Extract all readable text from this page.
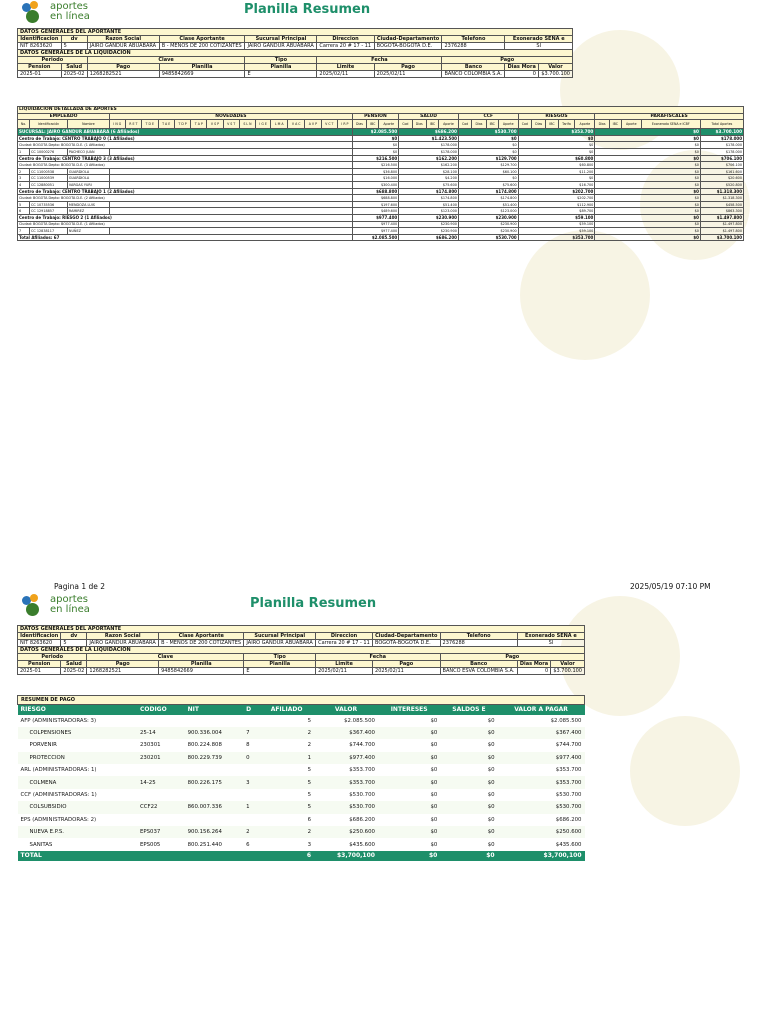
aportes
en línea	Planilla Resumen
DATOS GENERALES DEL APORTANTE									
Identificacion	dv	Razon Social	Clase Aportante	Sucursal Principal	Direccion	Ciudad-Departamento	Telefono	Exonerado SENA e	
NIT 8263620	5	JAIRO GANDUR ABUABARA	B - MENOS DE 200 COTIZANTES	JAIRO GANDUR ABUABARA	Carrera 20 # 17 - 11	BOGOTA-BOGOTA D.E.	2376288	SI	
DATOS GENERALES DE LA LIQUIDACION									
Periodo		Clave		Tipo	Fecha		Pago		
Pension	Salud	Pago	Planilla	Planilla	Limite	Pago	Banco	Dias Mora	Valor
2025-01	2025-02	1268282521	9485842669	E	2025/02/11	2025/02/11	BANCO COLOMBIA S.A.	0	$3.700.100
LIQUIDACION DETALLADA DE APORTES																																						
EMPLEADO			NOVEDADES															PENSION			SALUD				CCF				RIESGOS					PARAFISCALES				
No.	Identificación	Nombre	I N G	R E T	T D E	T A E	T D P	T A P	V S P	V S T	S L N	I G E	L M A	V A C	A V P	V C T	I R P	Dias	IBC	Aporte	Cod	Dias	IBC	Aporte	Cod	Dias	IBC	Aporte	Cod	Dias	IBC	Tarifa	Aporte	Dias	IBC	Aporte	Exonerado SENA e ICBF	Total Aportes
SUCURSAL: JAIRO GANDUR ABUABARA (6 Afiliados)																		$2.085.500			$686.200				$530.700				$353.700					$0				$3.700.100
Centro de Trabajo: CENTRO TRABAJO 0 (1 Afiliados)																		$0			$1.423.500				$0				$0					$0				$178.000
Ciudad: BOGOTA Depto: BOGOTA D.E. (1 Afiliados)																		$0			$178.000				$0				$0					$0				$178.000
1	CC 10000276	PACHECO JUAN																$0			$178.000				$0				$0					$0				$178.000
Centro de Trabajo: CENTRO TRABAJO 3 (3 Afiliados)																		$216.500			$162.200				$129.700				$60.800					$0				$706.100
Ciudad: BOGOTA Depto: BOGOTA D.E. (3 Afiliados)																		$216.500			$162.200				$129.700				$60.800					$0				$706.100
2	CC 11000538	GUARDIOLA																$36.800			$28.100				$60.100				$11.200					$0				$161.600
3	CC 11000539	GUARDIOLA																$16.000			$4.200				$0				$0					$0				$20.600
4	CC 12880051	VARGAS YURI																$300.400			$75.600				$75.600				$16.700					$0				$520.800
Centro de Trabajo: CENTRO TRABAJO 1 (2 Afiliados)																		$688.800			$174.800				$174.800				$202.700					$0				$1.318.300
Ciudad: BOGOTA Depto: BOGOTA D.E. (2 Afiliados)																		$688.800			$174.800				$174.800				$202.700					$0				$1.318.300
5	CC 10735536	MENDOZA LUIS																$197.600			$51.400				$51.400				$112.900					$0				$458.500
6	CC 12918857	RAMIREZ																$489.600			$123.000				$123.000				$89.700					$0				$863.300
Centro de Trabajo: RIESGO 2 (1 Afiliados)																		$977.400			$230.900				$230.900				$59.100					$0				$1.497.800
Ciudad: BOGOTA Depto: BOGOTA D.E. (1 Afiliados)																		$977.400			$230.900				$230.900				$59.100					$0				$1.497.800
7	CC 12838117	NUÑEZ																$977.400			$230.900				$230.900				$59.100					$0				$1.497.800
Total Afiliados: 67																		$2.085.500			$686.200				$530.700				$353.700					$0				$3.700.100
Pagina 1 de 2	2025/05/19 07:10 PM
aportes
en línea	Planilla Resumen
DATOS GENERALES DEL APORTANTE									
Identificacion	dv	Razon Social	Clase Aportante	Sucursal Principal	Direccion	Ciudad-Departamento	Telefono	Exonerado SENA e	
NIT 8263620	5	JAIRO GANDUR ABUABARA	B - MENOS DE 200 COTIZANTES	JAIRO GANDUR ABUABARA	Carrera 20 # 17 - 11	BOGOTA-BOGOTA D.E.	2376288	SI	
DATOS GENERALES DE LA LIQUIDACION									
Periodo		Clave		Tipo	Fecha		Pago		
Pension	Salud	Pago	Planilla	Planilla	Limite	Pago	Banco	Dias Mora	Valor
2025-01	2025-02	1268282521	9485842669	E	2025/02/11	2025/02/11	BANCO ESVA COLOMBIA S.A.	0	$3.700.100
RESUMEN DE PAGO								
RIESGO	CODIGO	NIT	D	AFILIADO	VALOR	INTERESES	SALDOS E	VALOR A PAGAR
AFP (ADMINISTRADORAS: 3)				5	$2.085.500	$0	$0	$2.085.500
COLPENSIONES	25-14	900.336.004	7	2	$367.400	$0	$0	$367.400
PORVENIR	230301	800.224.808	8	2	$744.700	$0	$0	$744.700
PROTECCION	230201	800.229.739	0	1	$977.400	$0	$0	$977.400
ARL (ADMINISTRADORAS: 1)				5	$353.700	$0	$0	$353.700
COLMENA	14-25	800.226.175	3	5	$353.700	$0	$0	$353.700
CCF (ADMINISTRADORAS: 1)				5	$530.700	$0	$0	$530.700
COLSUBSIDIO	CCF22	860.007.336	1	5	$530.700	$0	$0	$530.700
EPS (ADMINISTRADORAS: 2)				6	$686.200	$0	$0	$686.200
NUEVA E.P.S.	EPS037	900.156.264	2	2	$250.600	$0	$0	$250.600
SANITAS	EPS005	800.251.440	6	3	$435.600	$0	$0	$435.600
TOTAL				6	$3,700,100	$0	$0	$3,700,100
